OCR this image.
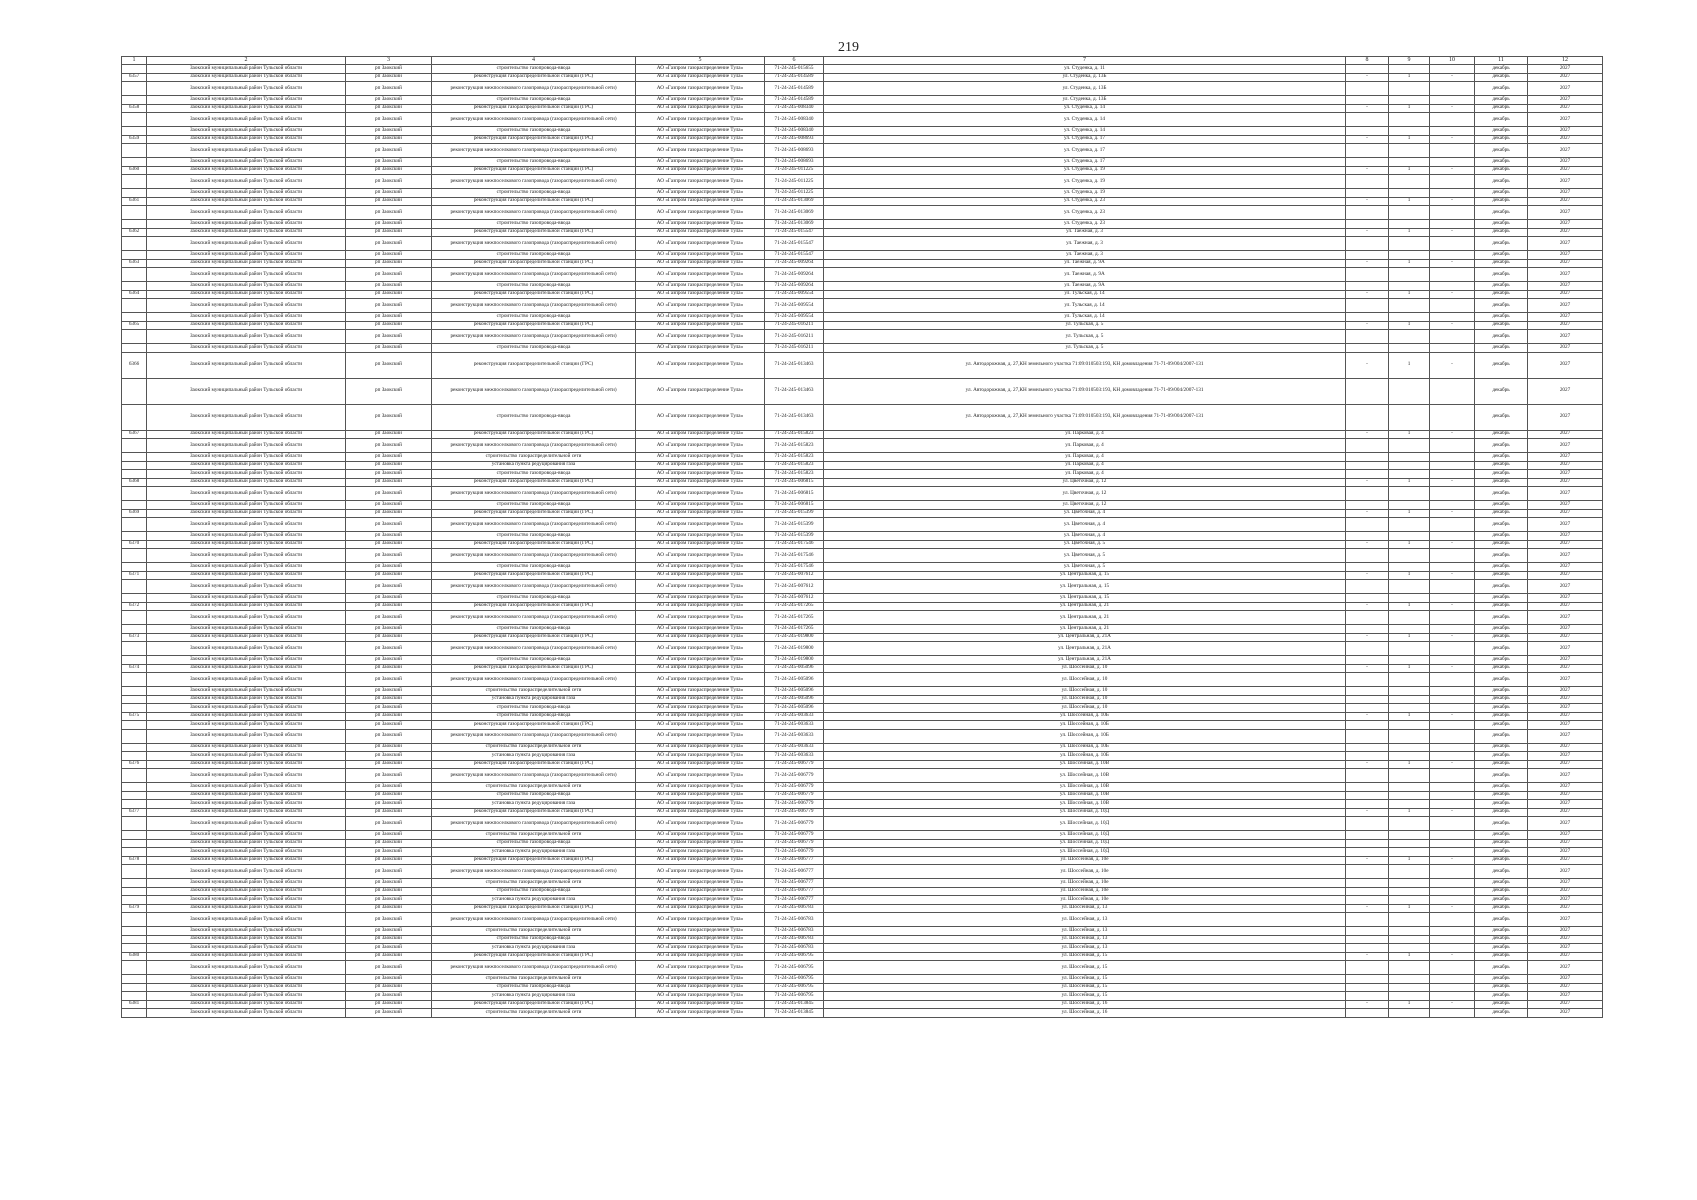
219
1	2	3	4	5	6	7	8	9	10	11	12
	Заокский муниципальный район Тульской области	рп Заокский	строительство газопровода-ввода	АО «Газпром газораспределение Тула»	71-24-245-015655	ул. Студенка, д. 11				декабрь	2027
6357	Заокский муниципальный район Тульской области	рп Заокский	реконструкция газораспределительной станции (ГРС)	АО «Газпром газораспределение Тула»	71-24-245-014589	ул. Студенка, д. 13Б	-	1	-	декабрь	2027
	Заокский муниципальный район Тульской области	рп Заокский	реконструкция межпоселкового газопровода (газораспределительной сети)	АО «Газпром газораспределение Тула»	71-24-245-014589	ул. Студенка, д. 13Б				декабрь	2027
	Заокский муниципальный район Тульской области	рп Заокский	строительство газопровода-ввода	АО «Газпром газораспределение Тула»	71-24-245-014589	ул. Студенка, д. 13Б				декабрь	2027
6358	Заокский муниципальный район Тульской области	рп Заокский	реконструкция газораспределительной станции (ГРС)	АО «Газпром газораспределение Тула»	71-24-245-008340	ул. Студенка, д. 14	-	1	-	декабрь	2027
	Заокский муниципальный район Тульской области	рп Заокский	реконструкция межпоселкового газопровода (газораспределительной сети)	АО «Газпром газораспределение Тула»	71-24-245-008340	ул. Студенка, д. 14				декабрь	2027
	Заокский муниципальный район Тульской области	рп Заокский	строительство газопровода-ввода	АО «Газпром газораспределение Тула»	71-24-245-008340	ул. Студенка, д. 14				декабрь	2027
6359	Заокский муниципальный район Тульской области	рп Заокский	реконструкция газораспределительной станции (ГРС)	АО «Газпром газораспределение Тула»	71-24-245-008693	ул. Студенка, д. 17	-	1	-	декабрь	2027
	Заокский муниципальный район Тульской области	рп Заокский	реконструкция межпоселкового газопровода (газораспределительной сети)	АО «Газпром газораспределение Тула»	71-24-245-008693	ул. Студенка, д. 17				декабрь	2027
	Заокский муниципальный район Тульской области	рп Заокский	строительство газопровода-ввода	АО «Газпром газораспределение Тула»	71-24-245-008693	ул. Студенка, д. 17				декабрь	2027
6360	Заокский муниципальный район Тульской области	рп Заокский	реконструкция газораспределительной станции (ГРС)	АО «Газпром газораспределение Тула»	71-24-245-011225	ул. Студенка, д. 19	-	1	-	декабрь	2027
	Заокский муниципальный район Тульской области	рп Заокский	реконструкция межпоселкового газопровода (газораспределительной сети)	АО «Газпром газораспределение Тула»	71-24-245-011225	ул. Студенка, д. 19				декабрь	2027
	Заокский муниципальный район Тульской области	рп Заокский	строительство газопровода-ввода	АО «Газпром газораспределение Тула»	71-24-245-011225	ул. Студенка, д. 19				декабрь	2027
6361	Заокский муниципальный район Тульской области	рп Заокский	реконструкция газораспределительной станции (ГРС)	АО «Газпром газораспределение Тула»	71-24-245-013069	ул. Студенка, д. 23	-	1	-	декабрь	2027
	Заокский муниципальный район Тульской области	рп Заокский	реконструкция межпоселкового газопровода (газораспределительной сети)	АО «Газпром газораспределение Тула»	71-24-245-013069	ул. Студенка, д. 23				декабрь	2027
	Заокский муниципальный район Тульской области	рп Заокский	строительство газопровода-ввода	АО «Газпром газораспределение Тула»	71-24-245-013069	ул. Студенка, д. 23				декабрь	2027
6362	Заокский муниципальный район Тульской области	рп Заокский	реконструкция газораспределительной станции (ГРС)	АО «Газпром газораспределение Тула»	71-24-245-015547	ул. Таежная, д. 3	-	1	-	декабрь	2027
	Заокский муниципальный район Тульской области	рп Заокский	реконструкция межпоселкового газопровода (газораспределительной сети)	АО «Газпром газораспределение Тула»	71-24-245-015547	ул. Таежная, д. 3				декабрь	2027
	Заокский муниципальный район Тульской области	рп Заокский	строительство газопровода-ввода	АО «Газпром газораспределение Тула»	71-24-245-015547	ул. Таежная, д. 3				декабрь	2027
6363	Заокский муниципальный район Тульской области	рп Заокский	реконструкция газораспределительной станции (ГРС)	АО «Газпром газораспределение Тула»	71-24-245-009264	ул. Таежная, д. 9А	-	1	-	декабрь	2027
	Заокский муниципальный район Тульской области	рп Заокский	реконструкция межпоселкового газопровода (газораспределительной сети)	АО «Газпром газораспределение Тула»	71-24-245-009264	ул. Таежная, д. 9А				декабрь	2027
	Заокский муниципальный район Тульской области	рп Заокский	строительство газопровода-ввода	АО «Газпром газораспределение Тула»	71-24-245-009264	ул. Таежная, д. 9А				декабрь	2027
6364	Заокский муниципальный район Тульской области	рп Заокский	реконструкция газораспределительной станции (ГРС)	АО «Газпром газораспределение Тула»	71-24-245-009554	ул. Тульская, д. 14	-	1	-	декабрь	2027
	Заокский муниципальный район Тульской области	рп Заокский	реконструкция межпоселкового газопровода (газораспределительной сети)	АО «Газпром газораспределение Тула»	71-24-245-009554	ул. Тульская, д. 14				декабрь	2027
	Заокский муниципальный район Тульской области	рп Заокский	строительство газопровода-ввода	АО «Газпром газораспределение Тула»	71-24-245-009554	ул. Тульская, д. 14				декабрь	2027
6365	Заокский муниципальный район Тульской области	рп Заокский	реконструкция газораспределительной станции (ГРС)	АО «Газпром газораспределение Тула»	71-24-245-016211	ул. Тульская, д. 5	-	1	-	декабрь	2027
	Заокский муниципальный район Тульской области	рп Заокский	реконструкция межпоселкового газопровода (газораспределительной сети)	АО «Газпром газораспределение Тула»	71-24-245-016211	ул. Тульская, д. 5				декабрь	2027
	Заокский муниципальный район Тульской области	рп Заокский	строительство газопровода-ввода	АО «Газпром газораспределение Тула»	71-24-245-016211	ул. Тульская, д. 5				декабрь	2027
6366	Заокский муниципальный район Тульской области	рп Заокский	реконструкция газораспределительной станции (ГРС)	АО «Газпром газораспределение Тула»	71-24-245-013463	ул. Автодорожная, д. 27,КН земельного участка 71:09:010503:193, КН домовладения 71-71-09/004/2007-131	-	1	-	декабрь	2027
	Заокский муниципальный район Тульской области	рп Заокский	реконструкция межпоселкового газопровода (газораспределительной сети)	АО «Газпром газораспределение Тула»	71-24-245-013463	ул. Автодорожная, д. 27,КН земельного участка 71:09:010503:193, КН домовладения 71-71-09/004/2007-131				декабрь	2027
	Заокский муниципальный район Тульской области	рп Заокский	строительство газопровода-ввода	АО «Газпром газораспределение Тула»	71-24-245-013463	ул. Автодорожная, д. 27,КН земельного участка 71:09:010503:193, КН домовладения 71-71-09/004/2007-131				декабрь	2027
6367	Заокский муниципальный район Тульской области	рп Заокский	реконструкция газораспределительной станции (ГРС)	АО «Газпром газораспределение Тула»	71-24-245-015823	ул. Парковая, д. 4	-	1	-	декабрь	2027
	Заокский муниципальный район Тульской области	рп Заокский	реконструкция межпоселкового газопровода (газораспределительной сети)	АО «Газпром газораспределение Тула»	71-24-245-015823	ул. Парковая, д. 4				декабрь	2027
	Заокский муниципальный район Тульской области	рп Заокский	строительство газораспределительной сети	АО «Газпром газораспределение Тула»	71-24-245-015823	ул. Парковая, д. 4				декабрь	2027
	Заокский муниципальный район Тульской области	рп Заокский	установка пункта редуцирования газа	АО «Газпром газораспределение Тула»	71-24-245-015823	ул. Парковая, д. 4				декабрь	2027
	Заокский муниципальный район Тульской области	рп Заокский	строительство газопровода-ввода	АО «Газпром газораспределение Тула»	71-24-245-015823	ул. Парковая, д. 4				декабрь	2027
6368	Заокский муниципальный район Тульской области	рп Заокский	реконструкция газораспределительной станции (ГРС)	АО «Газпром газораспределение Тула»	71-24-245-006815	ул. Цветочная, д. 12	-	1	-	декабрь	2027
	Заокский муниципальный район Тульской области	рп Заокский	реконструкция межпоселкового газопровода (газораспределительной сети)	АО «Газпром газораспределение Тула»	71-24-245-006815	ул. Цветочная, д. 12				декабрь	2027
	Заокский муниципальный район Тульской области	рп Заокский	строительство газопровода-ввода	АО «Газпром газораспределение Тула»	71-24-245-006815	ул. Цветочная, д. 12				декабрь	2027
6369	Заокский муниципальный район Тульской области	рп Заокский	реконструкция газораспределительной станции (ГРС)	АО «Газпром газораспределение Тула»	71-24-245-015399	ул. Цветочная, д. 4	-	1	-	декабрь	2027
	Заокский муниципальный район Тульской области	рп Заокский	реконструкция межпоселкового газопровода (газораспределительной сети)	АО «Газпром газораспределение Тула»	71-24-245-015399	ул. Цветочная, д. 4				декабрь	2027
	Заокский муниципальный район Тульской области	рп Заокский	строительство газопровода-ввода	АО «Газпром газораспределение Тула»	71-24-245-015399	ул. Цветочная, д. 4				декабрь	2027
6370	Заокский муниципальный район Тульской области	рп Заокский	реконструкция газораспределительной станции (ГРС)	АО «Газпром газораспределение Тула»	71-24-245-017546	ул. Цветочная, д. 5	-	1	-	декабрь	2027
	Заокский муниципальный район Тульской области	рп Заокский	реконструкция межпоселкового газопровода (газораспределительной сети)	АО «Газпром газораспределение Тула»	71-24-245-017546	ул. Цветочная, д. 5				декабрь	2027
	Заокский муниципальный район Тульской области	рп Заокский	строительство газопровода-ввода	АО «Газпром газораспределение Тула»	71-24-245-017546	ул. Цветочная, д. 5				декабрь	2027
6371	Заокский муниципальный район Тульской области	рп Заокский	реконструкция газораспределительной станции (ГРС)	АО «Газпром газораспределение Тула»	71-24-245-007612	ул. Центральная, д. 15	-	1	-	декабрь	2027
	Заокский муниципальный район Тульской области	рп Заокский	реконструкция межпоселкового газопровода (газораспределительной сети)	АО «Газпром газораспределение Тула»	71-24-245-007612	ул. Центральная, д. 15				декабрь	2027
	Заокский муниципальный район Тульской области	рп Заокский	строительство газопровода-ввода	АО «Газпром газораспределение Тула»	71-24-245-007612	ул. Центральная, д. 15				декабрь	2027
6372	Заокский муниципальный район Тульской области	рп Заокский	реконструкция газораспределительной станции (ГРС)	АО «Газпром газораспределение Тула»	71-24-245-017265	ул. Центральная, д. 21	-	1	-	декабрь	2027
	Заокский муниципальный район Тульской области	рп Заокский	реконструкция межпоселкового газопровода (газораспределительной сети)	АО «Газпром газораспределение Тула»	71-24-245-017265	ул. Центральная, д. 21				декабрь	2027
	Заокский муниципальный район Тульской области	рп Заокский	строительство газопровода-ввода	АО «Газпром газораспределение Тула»	71-24-245-017265	ул. Центральная, д. 21				декабрь	2027
6373	Заокский муниципальный район Тульской области	рп Заокский	реконструкция газораспределительной станции (ГРС)	АО «Газпром газораспределение Тула»	71-24-245-019800	ул. Центральная, д. 21А	-	1	-	декабрь	2027
	Заокский муниципальный район Тульской области	рп Заокский	реконструкция межпоселкового газопровода (газораспределительной сети)	АО «Газпром газораспределение Тула»	71-24-245-019800	ул. Центральная, д. 21А				декабрь	2027
	Заокский муниципальный район Тульской области	рп Заокский	строительство газопровода-ввода	АО «Газпром газораспределение Тула»	71-24-245-019800	ул. Центральная, д. 21А				декабрь	2027
6374	Заокский муниципальный район Тульской области	рп Заокский	реконструкция газораспределительной станции (ГРС)	АО «Газпром газораспределение Тула»	71-24-245-005096	ул. Шоссейная, д. 10	-	1	-	декабрь	2027
	Заокский муниципальный район Тульской области	рп Заокский	реконструкция межпоселкового газопровода (газораспределительной сети)	АО «Газпром газораспределение Тула»	71-24-245-005096	ул. Шоссейная, д. 10				декабрь	2027
	Заокский муниципальный район Тульской области	рп Заокский	строительство газораспределительной сети	АО «Газпром газораспределение Тула»	71-24-245-005096	ул. Шоссейная, д. 10				декабрь	2027
	Заокский муниципальный район Тульской области	рп Заокский	установка пункта редуцирования газа	АО «Газпром газораспределение Тула»	71-24-245-005096	ул. Шоссейная, д. 10				декабрь	2027
	Заокский муниципальный район Тульской области	рп Заокский	строительство газопровода-ввода	АО «Газпром газораспределение Тула»	71-24-245-005096	ул. Шоссейная, д. 10				декабрь	2027
6375	Заокский муниципальный район Тульской области	рп Заокский	строительство газопровода-ввода	АО «Газпром газораспределение Тула»	71-24-245-003633	ул. Шоссейная, д. 10Б	-	1	-	декабрь	2027
	Заокский муниципальный район Тульской области	рп Заокский	реконструкция газораспределительной станции (ГРС)	АО «Газпром газораспределение Тула»	71-24-245-003633	ул. Шоссейная, д. 10Б				декабрь	2027
	Заокский муниципальный район Тульской области	рп Заокский	реконструкция межпоселкового газопровода (газораспределительной сети)	АО «Газпром газораспределение Тула»	71-24-245-003633	ул. Шоссейная, д. 10Б				декабрь	2027
	Заокский муниципальный район Тульской области	рп Заокский	строительство газораспределительной сети	АО «Газпром газораспределение Тула»	71-24-245-003633	ул. Шоссейная, д. 10Б				декабрь	2027
	Заокский муниципальный район Тульской области	рп Заокский	установка пункта редуцирования газа	АО «Газпром газораспределение Тула»	71-24-245-003633	ул. Шоссейная, д. 10Б				декабрь	2027
6376	Заокский муниципальный район Тульской области	рп Заокский	реконструкция газораспределительной станции (ГРС)	АО «Газпром газораспределение Тула»	71-24-245-006779	ул. Шоссейная, д. 10В	-	1	-	декабрь	2027
	Заокский муниципальный район Тульской области	рп Заокский	реконструкция межпоселкового газопровода (газораспределительной сети)	АО «Газпром газораспределение Тула»	71-24-245-006779	ул. Шоссейная, д. 10В				декабрь	2027
	Заокский муниципальный район Тульской области	рп Заокский	строительство газораспределительной сети	АО «Газпром газораспределение Тула»	71-24-245-006779	ул. Шоссейная, д. 10В				декабрь	2027
	Заокский муниципальный район Тульской области	рп Заокский	строительство газопровода-ввода	АО «Газпром газораспределение Тула»	71-24-245-006779	ул. Шоссейная, д. 10В				декабрь	2027
	Заокский муниципальный район Тульской области	рп Заокский	установка пункта редуцирования газа	АО «Газпром газораспределение Тула»	71-24-245-006779	ул. Шоссейная, д. 10В				декабрь	2027
6377	Заокский муниципальный район Тульской области	рп Заокский	реконструкция газораспределительной станции (ГРС)	АО «Газпром газораспределение Тула»	71-24-245-006779	ул. Шоссейная, д. 10Д	-	1	-	декабрь	2027
	Заокский муниципальный район Тульской области	рп Заокский	реконструкция межпоселкового газопровода (газораспределительной сети)	АО «Газпром газораспределение Тула»	71-24-245-006779	ул. Шоссейная, д. 10Д				декабрь	2027
	Заокский муниципальный район Тульской области	рп Заокский	строительство газораспределительной сети	АО «Газпром газораспределение Тула»	71-24-245-006779	ул. Шоссейная, д. 10Д				декабрь	2027
	Заокский муниципальный район Тульской области	рп Заокский	строительство газопровода-ввода	АО «Газпром газораспределение Тула»	71-24-245-006779	ул. Шоссейная, д. 10Д				декабрь	2027
	Заокский муниципальный район Тульской области	рп Заокский	установка пункта редуцирования газа	АО «Газпром газораспределение Тула»	71-24-245-006779	ул. Шоссейная, д. 10Д				декабрь	2027
6378	Заокский муниципальный район Тульской области	рп Заокский	реконструкция газораспределительной станции (ГРС)	АО «Газпром газораспределение Тула»	71-24-245-006777	ул. Шоссейная, д. 10е	-	1	-	декабрь	2027
	Заокский муниципальный район Тульской области	рп Заокский	реконструкция межпоселкового газопровода (газораспределительной сети)	АО «Газпром газораспределение Тула»	71-24-245-006777	ул. Шоссейная, д. 10е				декабрь	2027
	Заокский муниципальный район Тульской области	рп Заокский	строительство газораспределительной сети	АО «Газпром газораспределение Тула»	71-24-245-006777	ул. Шоссейная, д. 10е				декабрь	2027
	Заокский муниципальный район Тульской области	рп Заокский	строительство газопровода-ввода	АО «Газпром газораспределение Тула»	71-24-245-006777	ул. Шоссейная, д. 10е				декабрь	2027
	Заокский муниципальный район Тульской области	рп Заокский	установка пункта редуцирования газа	АО «Газпром газораспределение Тула»	71-24-245-006777	ул. Шоссейная, д. 10е				декабрь	2027
6379	Заокский муниципальный район Тульской области	рп Заокский	реконструкция газораспределительной станции (ГРС)	АО «Газпром газораспределение Тула»	71-24-245-006783	ул. Шоссейная, д. 13	-	1	-	декабрь	2027
	Заокский муниципальный район Тульской области	рп Заокский	реконструкция межпоселкового газопровода (газораспределительной сети)	АО «Газпром газораспределение Тула»	71-24-245-006783	ул. Шоссейная, д. 13				декабрь	2027
	Заокский муниципальный район Тульской области	рп Заокский	строительство газораспределительной сети	АО «Газпром газораспределение Тула»	71-24-245-006783	ул. Шоссейная, д. 13				декабрь	2027
	Заокский муниципальный район Тульской области	рп Заокский	строительство газопровода-ввода	АО «Газпром газораспределение Тула»	71-24-245-006783	ул. Шоссейная, д. 13				декабрь	2027
	Заокский муниципальный район Тульской области	рп Заокский	установка пункта редуцирования газа	АО «Газпром газораспределение Тула»	71-24-245-006783	ул. Шоссейная, д. 13				декабрь	2027
6380	Заокский муниципальный район Тульской области	рп Заокский	реконструкция газораспределительной станции (ГРС)	АО «Газпром газораспределение Тула»	71-24-245-006795	ул. Шоссейная, д. 15	-	1	-	декабрь	2027
	Заокский муниципальный район Тульской области	рп Заокский	реконструкция межпоселкового газопровода (газораспределительной сети)	АО «Газпром газораспределение Тула»	71-24-245-006795	ул. Шоссейная, д. 15				декабрь	2027
	Заокский муниципальный район Тульской области	рп Заокский	строительство газораспределительной сети	АО «Газпром газораспределение Тула»	71-24-245-006795	ул. Шоссейная, д. 15				декабрь	2027
	Заокский муниципальный район Тульской области	рп Заокский	строительство газопровода-ввода	АО «Газпром газораспределение Тула»	71-24-245-006795	ул. Шоссейная, д. 15				декабрь	2027
	Заокский муниципальный район Тульской области	рп Заокский	установка пункта редуцирования газа	АО «Газпром газораспределение Тула»	71-24-245-006795	ул. Шоссейная, д. 15				декабрь	2027
6381	Заокский муниципальный район Тульской области	рп Заокский	реконструкция газораспределительной станции (ГРС)	АО «Газпром газораспределение Тула»	71-24-245-013845	ул. Шоссейная, д. 16	-	1	-	декабрь	2027
	Заокский муниципальный район Тульской области	рп Заокский	строительство газораспределительной сети	АО «Газпром газораспределение Тула»	71-24-245-013845	ул. Шоссейная, д. 16				декабрь	2027
